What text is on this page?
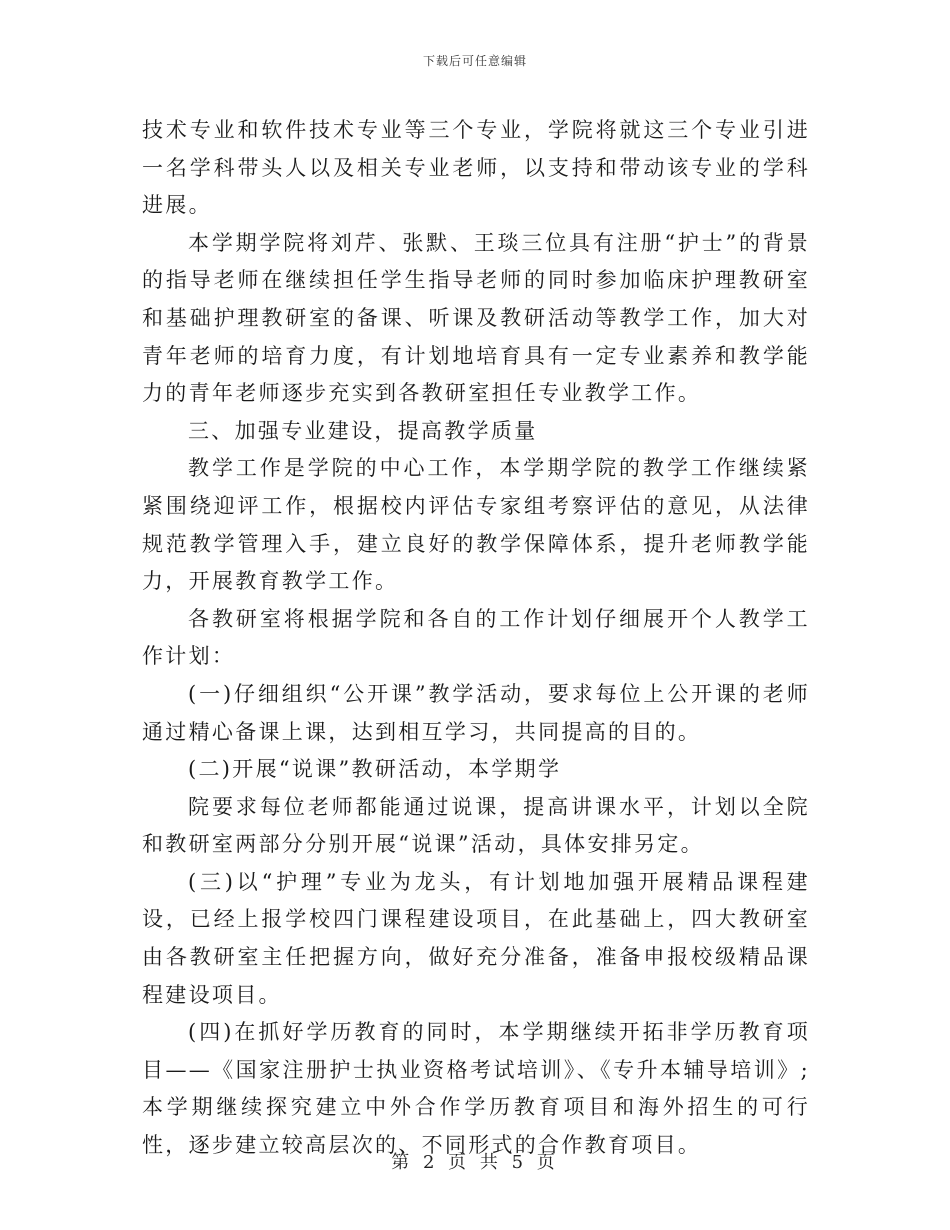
下载后可任意编辑

技术专业和软件技术专业等三个专业，学院将就这三个专业引进一名学科带头人以及相关专业老师，以支持和带动该专业的学科进展。

本学期学院将刘芹、张默、王琰三位具有注册“护士”的背景的指导老师在继续担任学生指导老师的同时参加临床护理教研室和基础护理教研室的备课、听课及教研活动等教学工作，加大对青年老师的培育力度，有计划地培育具有一定专业素养和教学能力的青年老师逐步充实到各教研室担任专业教学工作。

三、加强专业建设，提高教学质量

教学工作是学院的中心工作，本学期学院的教学工作继续紧紧围绕迎评工作，根据校内评估专家组考察评估的意见，从法律规范教学管理入手，建立良好的教学保障体系，提升老师教学能力，开展教育教学工作。

各教研室将根据学院和各自的工作计划仔细展开个人教学工作计划：

(一)仔细组织“公开课”教学活动，要求每位上公开课的老师通过精心备课上课，达到相互学习，共同提高的目的。

(二)开展“说课”教研活动，本学期学

院要求每位老师都能通过说课，提高讲课水平，计划以全院和教研室两部分分别开展“说课”活动，具体安排另定。

(三)以“护理”专业为龙头，有计划地加强开展精品课程建设，已经上报学校四门课程建设项目，在此基础上，四大教研室由各教研室主任把握方向，做好充分准备，准备申报校级精品课程建设项目。

(四)在抓好学历教育的同时，本学期继续开拓非学历教育项目——《国家注册护士执业资格考试培训》、《专升本辅导培训》;本学期继续探究建立中外合作学历教育项目和海外招生的可行性，逐步建立较高层次的、不同形式的合作教育项目。

第 2 页 共 5 页
